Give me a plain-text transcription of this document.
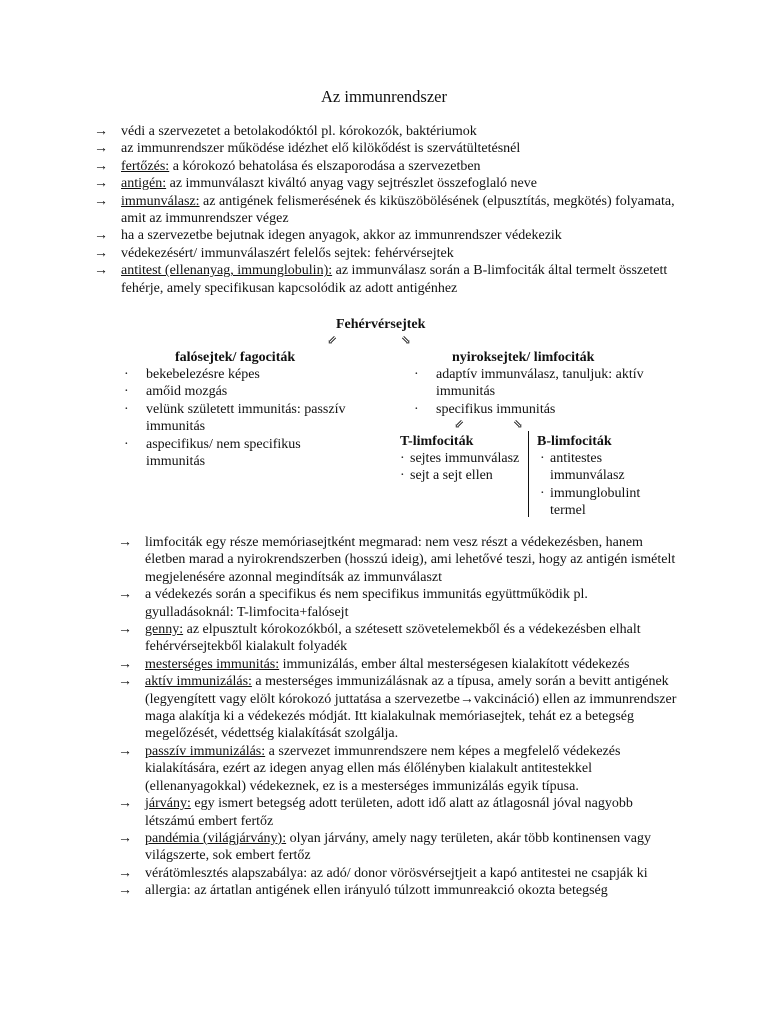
Az immunrendszer
→ védi a szervezetet a betolakodóktól pl. kórokozók, baktériumok
→ az immunrendszer működése idézhet elő kilökődést is szervátültetésnél
→ fertőzés: a kórokozó behatolása és elszaporodása a szervezetben
→ antigén: az immunválaszt kiváltó anyag vagy sejtrészlet összefoglaló neve
→ immunválasz: az antigének felismerésének és kiküszöbölésének (elpusztítás, megkötés) folyamata, amit az immunrendszer végez
→ ha a szervezetbe bejutnak idegen anyagok, akkor az immunrendszer védekezik
→ védekezésért/ immunválaszért felelős sejtek: fehérvérsejtek
→ antitest (ellenanyag, immunglobulin): az immunválasz során a B-limfociták által termelt összetett fehérje, amely specifikusan kapcsolódik az adott antigénhez
Fehérvérsejtek
⇙	⇘
falósejtek/ fagociták
· bekebelezésre képes
· amőid mozgás
· velünk született immunitás: passzív immunitás
· aspecifikus/ nem specifikus immunitás
nyiroksejtek/ limfociták
· adaptív immunválasz, tanuljuk: aktív immunitás
· specifikus immunitás
⇙	⇘
T-limfociták
· sejtes immunválasz
· sejt a sejt ellen
B-limfociták
· antitestes immunválasz
· immunglobulint termel
→ limfociták egy része memóriasejtként megmarad: nem vesz részt a védekezésben, hanem életben marad a nyirokrendszerben (hosszú ideig), ami lehetővé teszi, hogy az antigén ismételt megjelenésére azonnal megindítsák az immunválaszt
→ a védekezés során a specifikus és nem specifikus immunitás együttműködik pl. gyulladásoknál: T-limfocita+falósejt
→ genny: az elpusztult kórokozókból, a szétesett szövetelemekből és a védekezésben elhalt fehérvérsejtekből kialakult folyadék
→ mesterséges immunitás: immunizálás, ember által mesterségesen kialakított védekezés
→ aktív immunizálás: a mesterséges immunizálásnak az a típusa, amely során a bevitt antigének (legyengített vagy elölt kórokozó juttatása a szervezetbe→vakcináció) ellen az immunrendszer maga alakítja ki a védekezés módját. Itt kialakulnak memóriasejtek, tehát ez a betegség megelőzését, védettség kialakítását szolgálja.
→ passzív immunizálás: a szervezet immunrendszere nem képes a megfelelő védekezés kialakítására, ezért az idegen anyag ellen más élőlényben kialakult antitestekkel (ellenanyagokkal) védekeznek, ez is a mesterséges immunizálás egyik típusa.
→ járvány: egy ismert betegség adott területen, adott idő alatt az átlagosnál jóval nagyobb létszámú embert fertőz
→ pandémia (világjárvány): olyan járvány, amely nagy területen, akár több kontinensen vagy világszerte, sok embert fertőz
→ vérátömlesztés alapszabálya: az adó/ donor vörösvérsejtjeit a kapó antitestei ne csapják ki
→ allergia: az ártatlan antigének ellen irányuló túlzott immunreakció okozta betegség
